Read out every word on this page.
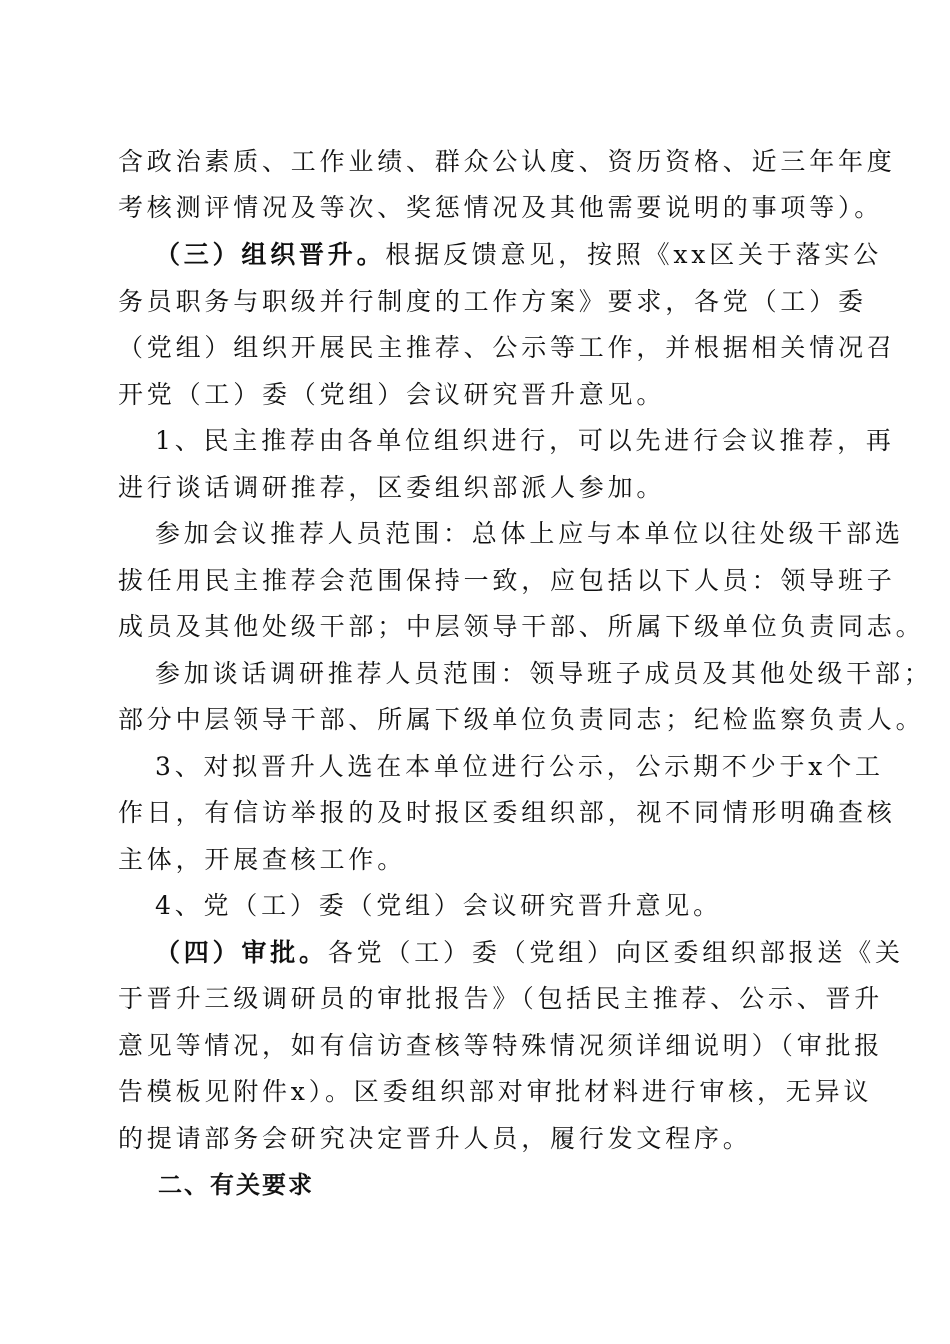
含政治素质、工作业绩、群众公认度、资历资格、近三年年度
考核测评情况及等次、奖惩情况及其他需要说明的事项等）。
（三）组织晋升。根据反馈意见，按照《xx区关于落实公
务员职务与职级并行制度的工作方案》要求，各党（工）委
（党组）组织开展民主推荐、公示等工作，并根据相关情况召
开党（工）委（党组）会议研究晋升意见。
1、民主推荐由各单位组织进行，可以先进行会议推荐，再
进行谈话调研推荐，区委组织部派人参加。
参加会议推荐人员范围：总体上应与本单位以往处级干部选
拔任用民主推荐会范围保持一致，应包括以下人员：领导班子
成员及其他处级干部；中层领导干部、所属下级单位负责同志。
参加谈话调研推荐人员范围：领导班子成员及其他处级干部；
部分中层领导干部、所属下级单位负责同志；纪检监察负责人。
3、对拟晋升人选在本单位进行公示，公示期不少于x个工
作日，有信访举报的及时报区委组织部，视不同情形明确查核
主体，开展查核工作。
4、党（工）委（党组）会议研究晋升意见。
（四）审批。各党（工）委（党组）向区委组织部报送《关
于晋升三级调研员的审批报告》（包括民主推荐、公示、晋升
意见等情况，如有信访查核等特殊情况须详细说明）（审批报
告模板见附件x）。区委组织部对审批材料进行审核，无异议
的提请部务会研究决定晋升人员，履行发文程序。
二、有关要求
